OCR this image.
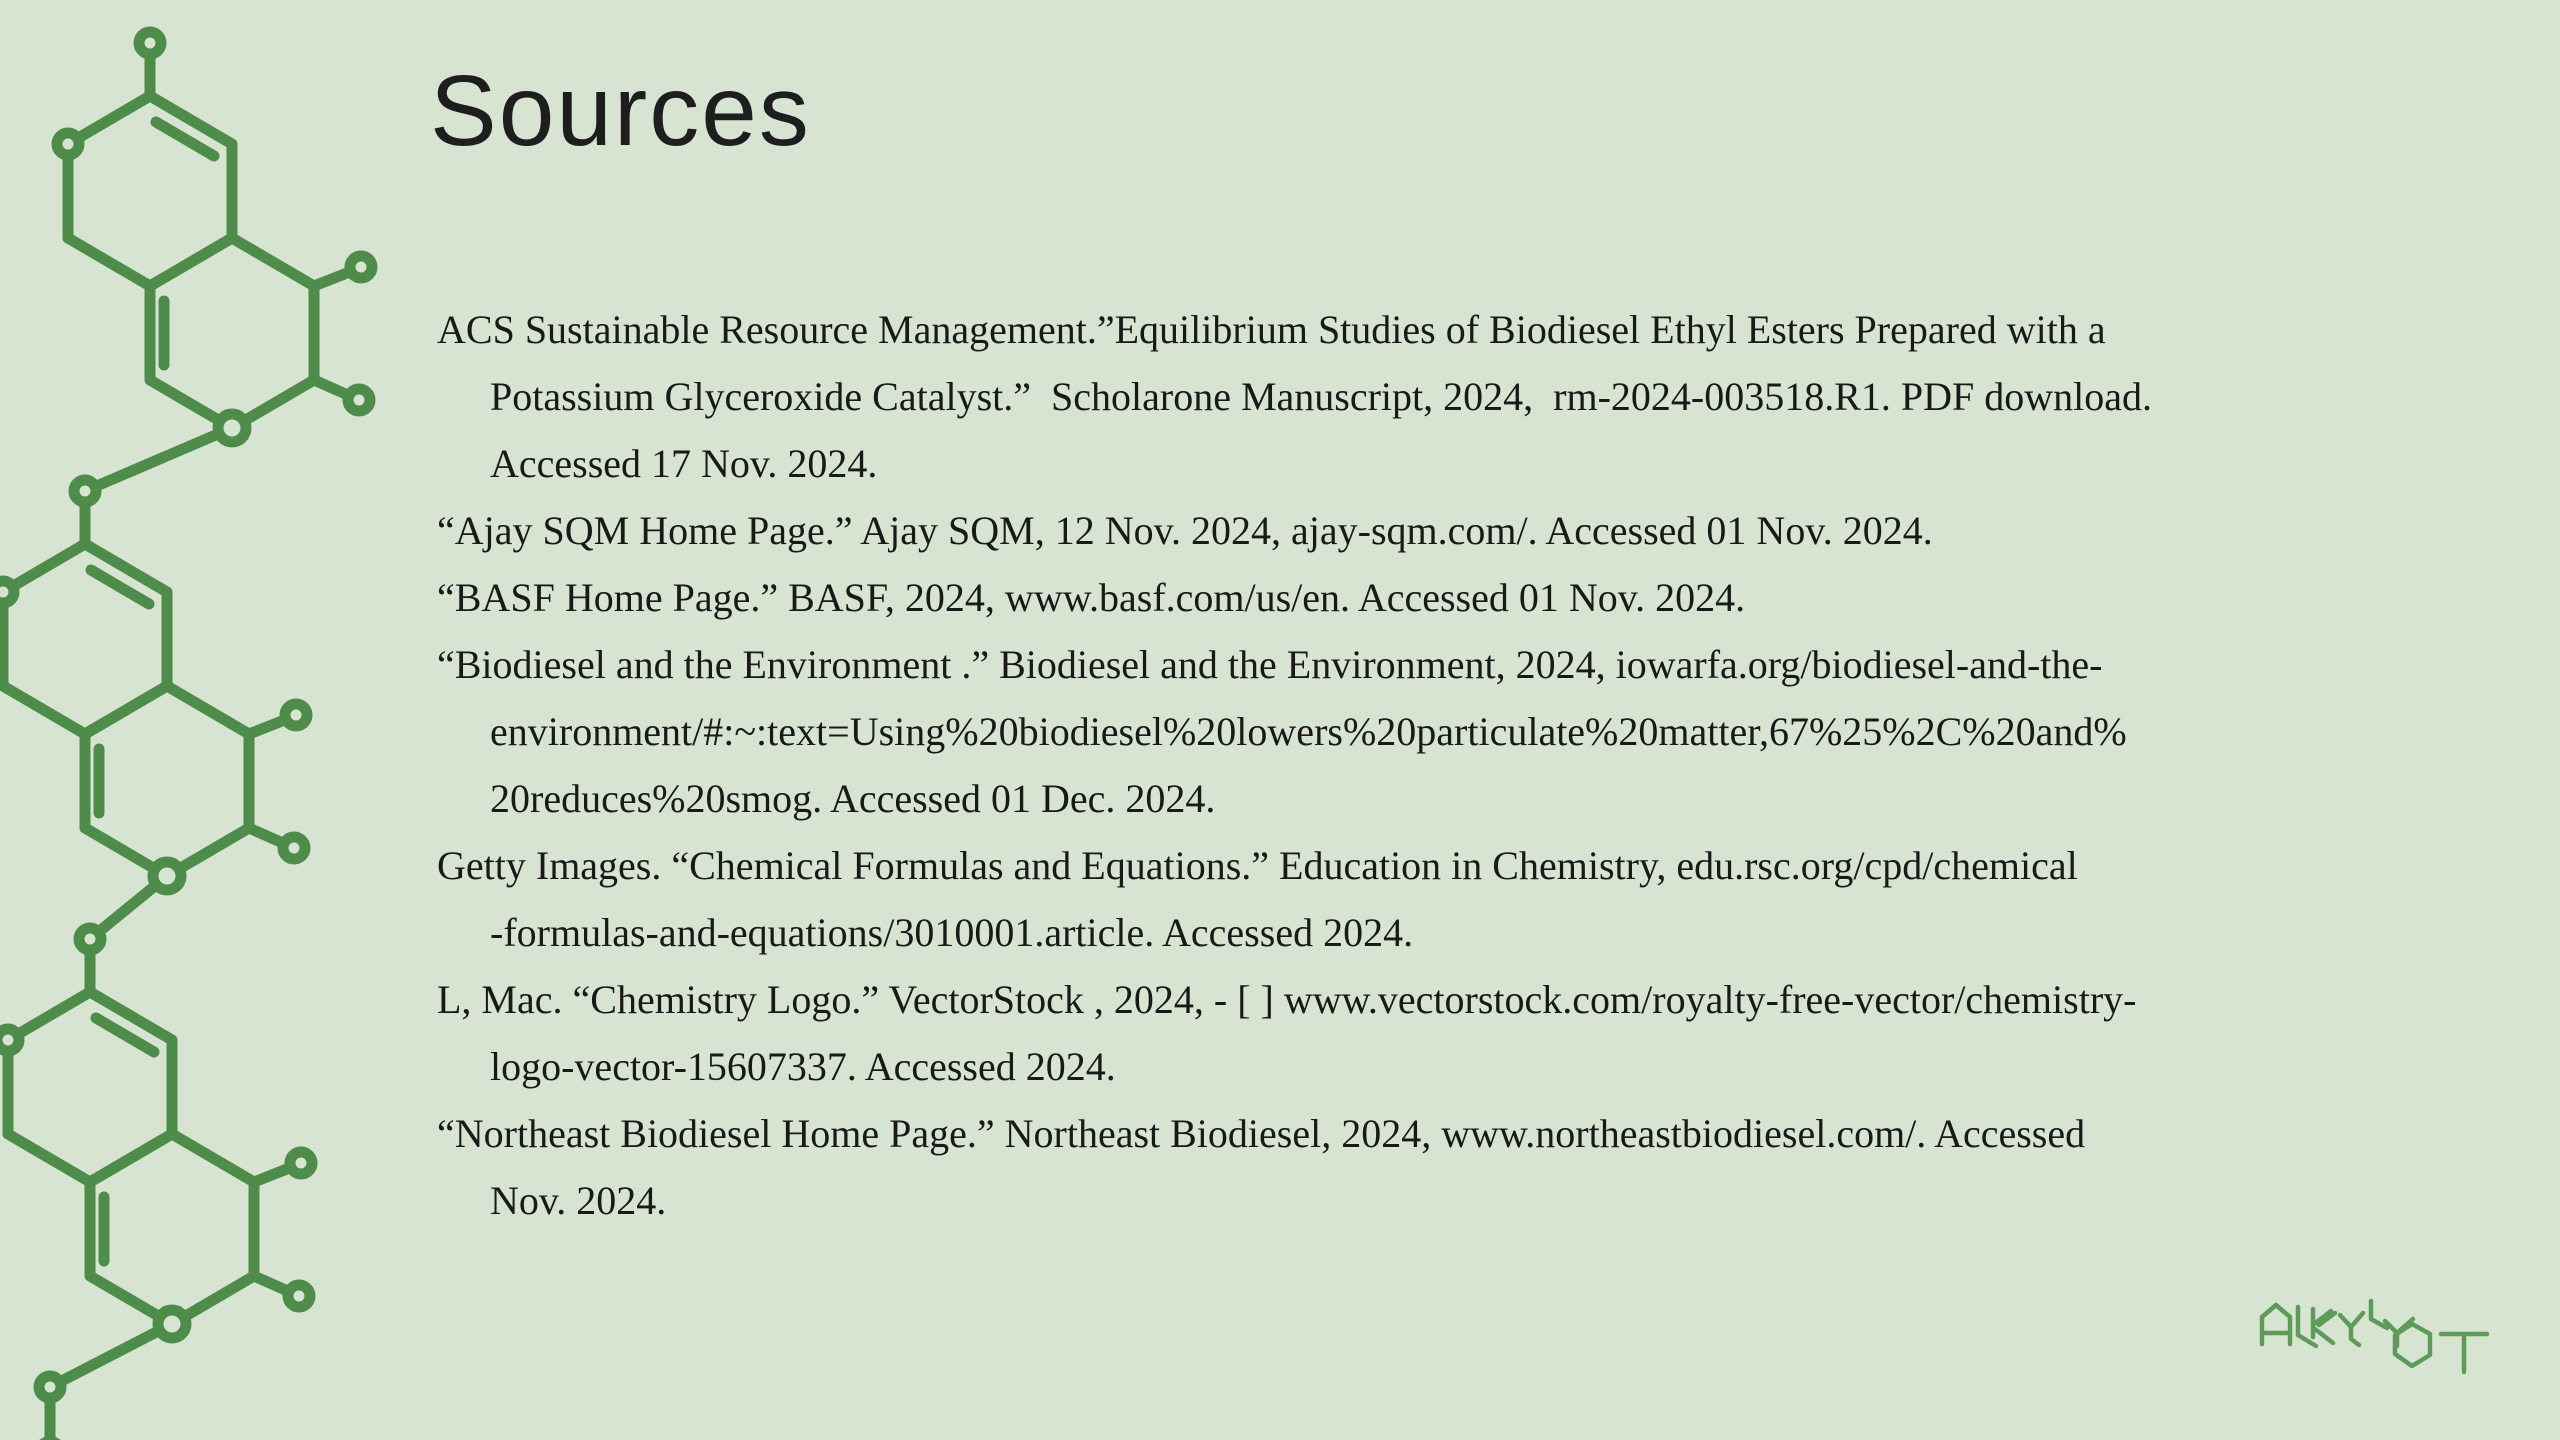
Sources
ACS Sustainable Resource Management.”Equilibrium Studies of Biodiesel Ethyl Esters Prepared with a
Potassium Glyceroxide Catalyst.”  Scholarone Manuscript, 2024,  rm-2024-003518.R1. PDF download.
Accessed 17 Nov. 2024.
“Ajay SQM Home Page.” Ajay SQM, 12 Nov. 2024, ajay-sqm.com/. Accessed 01 Nov. 2024.
“BASF Home Page.” BASF, 2024, www.basf.com/us/en. Accessed 01 Nov. 2024.
“Biodiesel and the Environment .” Biodiesel and the Environment, 2024, iowarfa.org/biodiesel-and-the-
environment/#:~:text=Using%20biodiesel%20lowers%20particulate%20matter,67%25%2C%20and%
20reduces%20smog. Accessed 01 Dec. 2024.
Getty Images. “Chemical Formulas and Equations.” Education in Chemistry, edu.rsc.org/cpd/chemical
-formulas-and-equations/3010001.article. Accessed 2024.
L, Mac. “Chemistry Logo.” VectorStock , 2024, - [ ] www.vectorstock.com/royalty-free-vector/chemistry-
logo-vector-15607337. Accessed 2024.
“Northeast Biodiesel Home Page.” Northeast Biodiesel, 2024, www.northeastbiodiesel.com/. Accessed
Nov. 2024.
